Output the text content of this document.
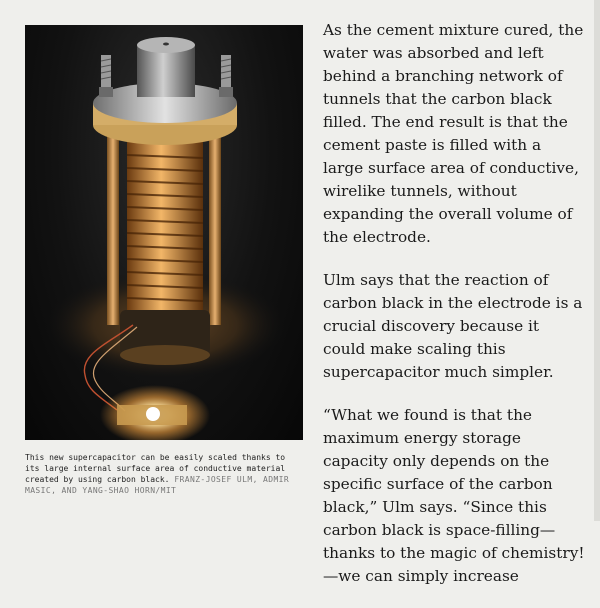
This new supercapacitor can be easily scaled thanks to its large internal surface area of conductive material created by using carbon black. FRANZ-JOSEF ULM, ADMIR MASIC, AND YANG-SHAO HORN/MIT

As the cement mixture cured, the water was absorbed and left behind a branching network of tunnels that the carbon black filled. The end result is that the cement paste is filled with a large surface area of conductive, wirelike tunnels, without expanding the overall volume of the electrode.

Ulm says that the reaction of carbon black in the electrode is a crucial discovery because it could make scaling this supercapacitor much simpler.

“What we found is that the maximum energy storage capacity only depends on the specific surface of the carbon black,” Ulm says. “Since this carbon black is space-filling—thanks to the magic of chemistry!—we can simply increase
